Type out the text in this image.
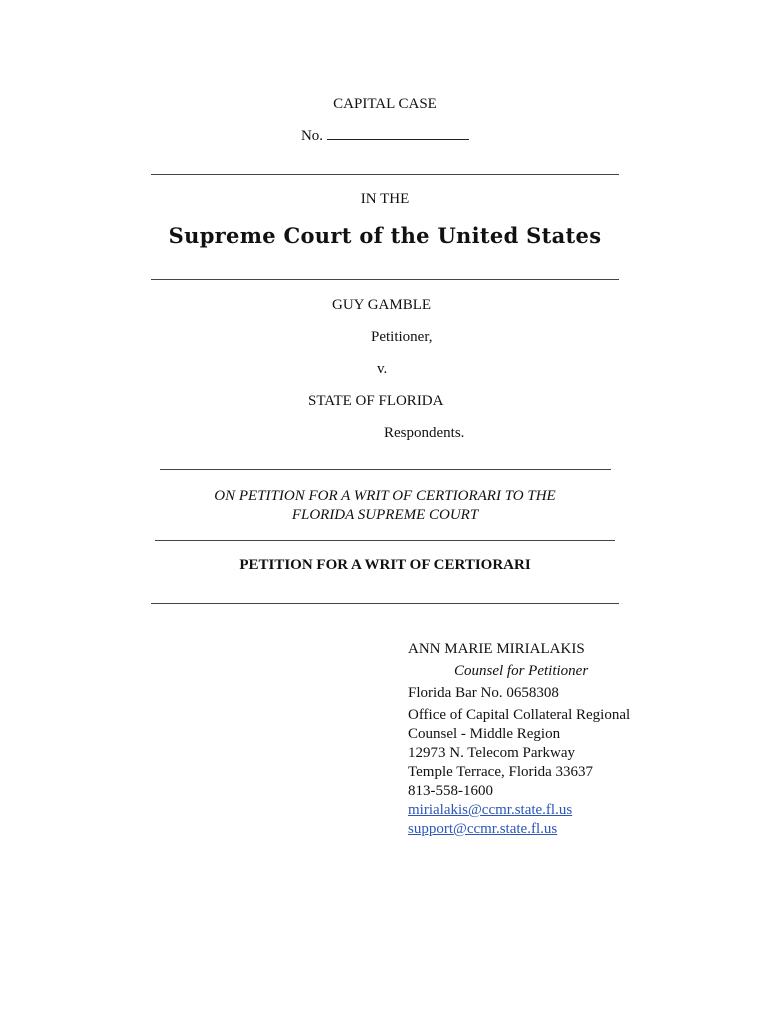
CAPITAL CASE
No.
IN THE
Supreme Court of the United States
GUY GAMBLE
Petitioner,
v.
STATE OF FLORIDA
Respondents.
ON PETITION FOR A WRIT OF CERTIORARI TO THE
FLORIDA SUPREME COURT
PETITION FOR A WRIT OF CERTIORARI
ANN MARIE MIRIALAKIS
Counsel for Petitioner
Florida Bar No. 0658308
Office of Capital Collateral Regional
Counsel - Middle Region
12973 N. Telecom Parkway
Temple Terrace, Florida 33637
813-558-1600
mirialakis@ccmr.state.fl.us
support@ccmr.state.fl.us
